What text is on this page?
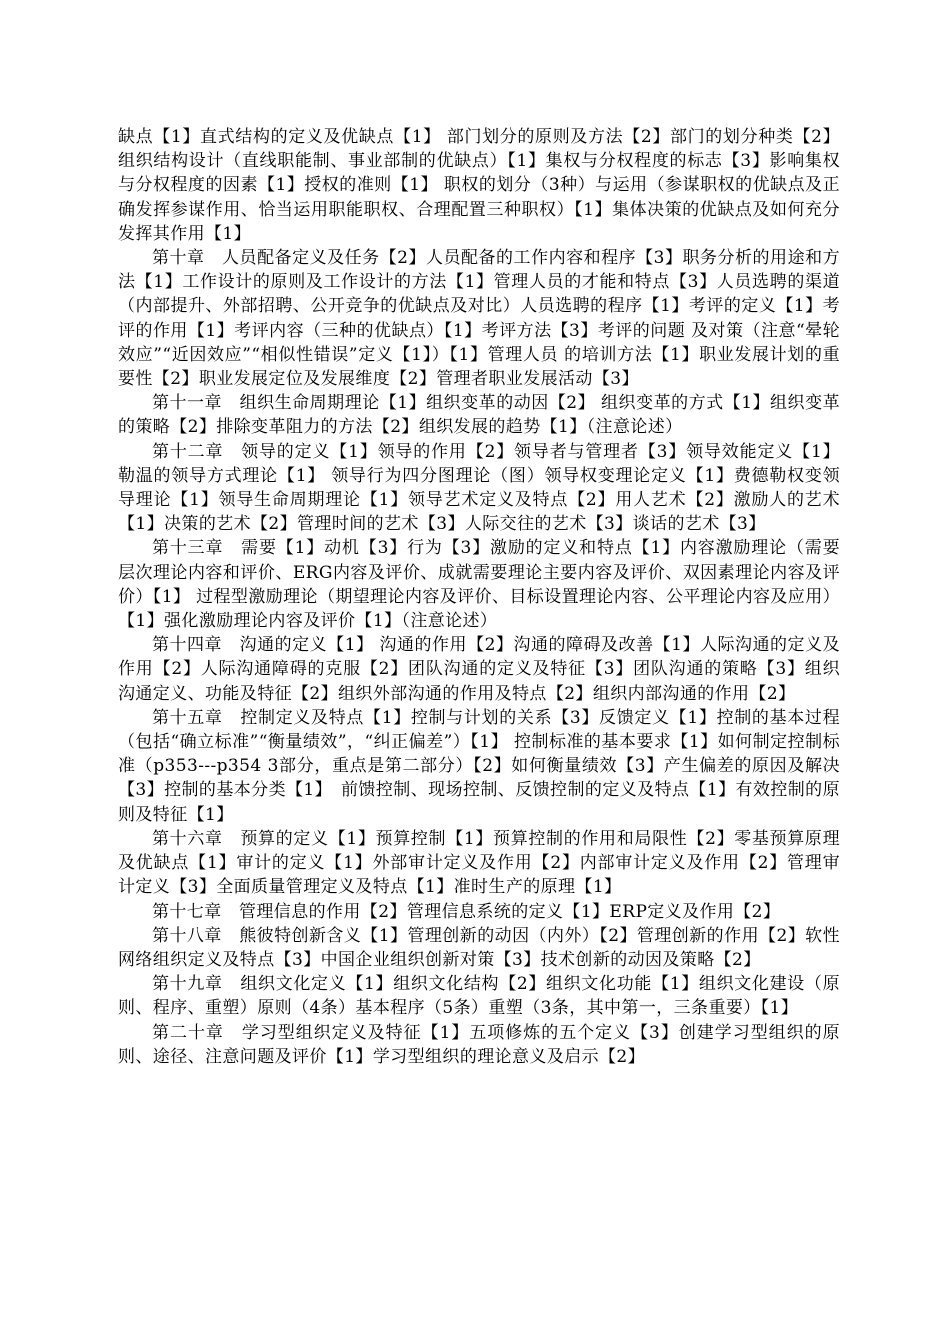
缺点【1】直式结构的定义及优缺点【1】 部门划分的原则及方法【2】部门的划分种类【2】 组织结构设计（直线职能制、事业部制的优缺点）【1】集权与分权程度的标志【3】影响集权与分权程度的因素【1】授权的准则【1】 职权的划分（3种）与运用（参谋职权的优缺点及正确发挥参谋作用、恰当运用职能职权、合理配置三种职权）【1】集体决策的优缺点及如何充分发挥其作用【1】

第十章　人员配备定义及任务【2】人员配备的工作内容和程序【3】职务分析的用途和方法【1】工作设计的原则及工作设计的方法【1】管理人员的才能和特点【3】人员选聘的渠道（内部提升、外部招聘、公开竞争的优缺点及对比）人员选聘的程序【1】考评的定义【1】考评的作用【1】考评内容（三种的优缺点）【1】考评方法【3】考评的问题 及对策（注意“晕轮效应”“近因效应”“相似性错误”定义【1】）【1】管理人员 的培训方法【1】职业发展计划的重要性【2】职业发展定位及发展维度【2】管理者职业发展活动【3】

第十一章　组织生命周期理论【1】组织变革的动因【2】 组织变革的方式【1】组织变革的策略【2】排除变革阻力的方法【2】组织发展的趋势【1】（注意论述）

第十二章　领导的定义【1】领导的作用【2】领导者与管理者【3】领导效能定义【1】勒温的领导方式理论【1】 领导行为四分图理论（图）领导权变理论定义【1】费德勒权变领导理论【1】领导生命周期理论【1】领导艺术定义及特点【2】用人艺术【2】激励人的艺术【1】决策的艺术【2】管理时间的艺术【3】人际交往的艺术【3】谈话的艺术【3】

第十三章　需要【1】动机【3】行为【3】激励的定义和特点【1】内容激励理论（需要层次理论内容和评价、ERG内容及评价、成就需要理论主要内容及评价、双因素理论内容及评价）【1】 过程型激励理论（期望理论内容及评价、目标设置理论内容、公平理论内容及应用）【1】强化激励理论内容及评价【1】（注意论述）

第十四章　沟通的定义【1】 沟通的作用【2】沟通的障碍及改善【1】人际沟通的定义及作用【2】人际沟通障碍的克服【2】团队沟通的定义及特征【3】团队沟通的策略【3】组织沟通定义、功能及特征【2】组织外部沟通的作用及特点【2】组织内部沟通的作用【2】

第十五章　控制定义及特点【1】控制与计划的关系【3】反馈定义【1】控制的基本过程（包括“确立标准”“衡量绩效”，“纠正偏差”）【1】 控制标准的基本要求【1】如何制定控制标准（p353---p354 3部分，重点是第二部分）【2】如何衡量绩效【3】产生偏差的原因及解决【3】控制的基本分类【1】　前馈控制、现场控制、反馈控制的定义及特点【1】有效控制的原则及特征【1】

第十六章　预算的定义【1】预算控制【1】预算控制的作用和局限性【2】零基预算原理及优缺点【1】审计的定义【1】外部审计定义及作用【2】内部审计定义及作用【2】管理审计定义【3】全面质量管理定义及特点【1】准时生产的原理【1】

第十七章　管理信息的作用【2】管理信息系统的定义【1】ERP定义及作用【2】

第十八章　熊彼特创新含义【1】管理创新的动因（内外）【2】管理创新的作用【2】软性网络组织定义及特点【3】中国企业组织创新对策【3】技术创新的动因及策略【2】

第十九章　组织文化定义【1】组织文化结构【2】组织文化功能【1】组织文化建设（原则、程序、重塑）原则（4条）基本程序（5条）重塑（3条，其中第一，三条重要）【1】

第二十章　学习型组织定义及特征【1】五项修炼的五个定义【3】创建学习型组织的原则、途径、注意问题及评价【1】学习型组织的理论意义及启示【2】
